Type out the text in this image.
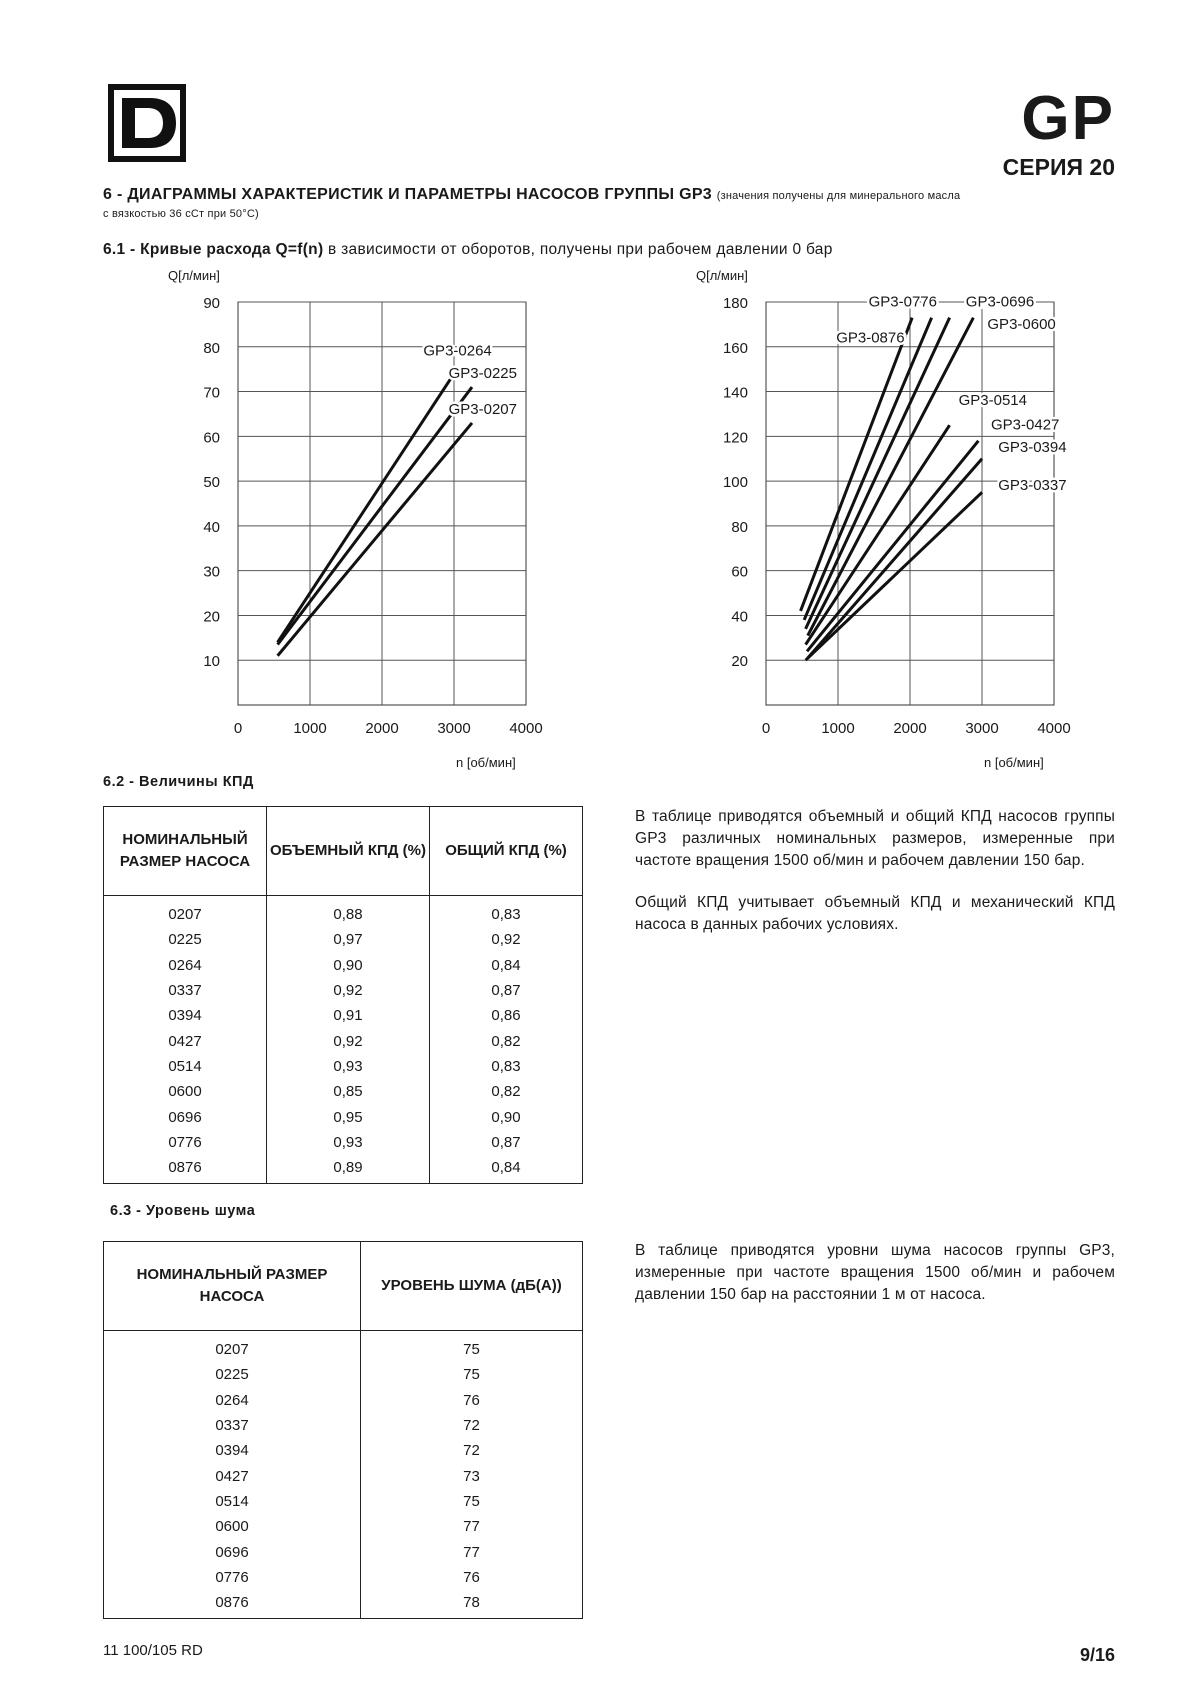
GP
СЕРИЯ 20
6 - ДИАГРАММЫ ХАРАКТЕРИСТИК И ПАРАМЕТРЫ НАСОСОВ ГРУППЫ GP3 (значения получены для минерального масла
с вязкостью 36 cCт при 50°C)
6.1 - Кривые расхода Q=f(n) в зависимости от оборотов, получены при рабочем давлении 0 бар
0	1000	2000	3000	4000
10
20
30
40
50
60
70
80
90
Q[л/мин]
n [об/мин]
GP3-0264
GP3-0225
GP3-0207
0	1000	2000	3000	4000
20
40
60
80
100
120
140
160
180
Q[л/мин]
n [об/мин]
GP3-0876
GP3-0776 GP3-0696
GP3-0600
GP3-0514
GP3-0427
GP3-0394
GP3-0337
6.2 - Величины КПД
НОМИНАЛЬНЫЙ РАЗМЕР НАСОСА	ОБЪЕМНЫЙ КПД (%)	ОБЩИЙ КПД (%)
0207	0,88	0,83
0225	0,97	0,92
0264	0,90	0,84
0337	0,92	0,87
0394	0,91	0,86
0427	0,92	0,82
0514	0,93	0,83
0600	0,85	0,82
0696	0,95	0,90
0776	0,93	0,87
0876	0,89	0,84
В таблице приводятся объемный и общий КПД насосов группы GP3 различных номинальных размеров, измеренные при частоте вращения 1500 об/мин и рабочем давлении 150 бар.
Общий КПД учитывает объемный КПД и механический КПД насоса в данных рабочих условиях.
6.3 - Уровень шума
НОМИНАЛЬНЫЙ РАЗМЕР НАСОСА	УРОВЕНЬ ШУМА (дБ(А))
0207	75
0225	75
0264	76
0337	72
0394	72
0427	73
0514	75
0600	77
0696	77
0776	76
0876	78
В таблице приводятся уровни шума насосов группы GP3, измеренные при частоте вращения 1500 об/мин и рабочем давлении 150 бар на расстоянии 1 м от насоса.
11 100/105 RD	9/16
